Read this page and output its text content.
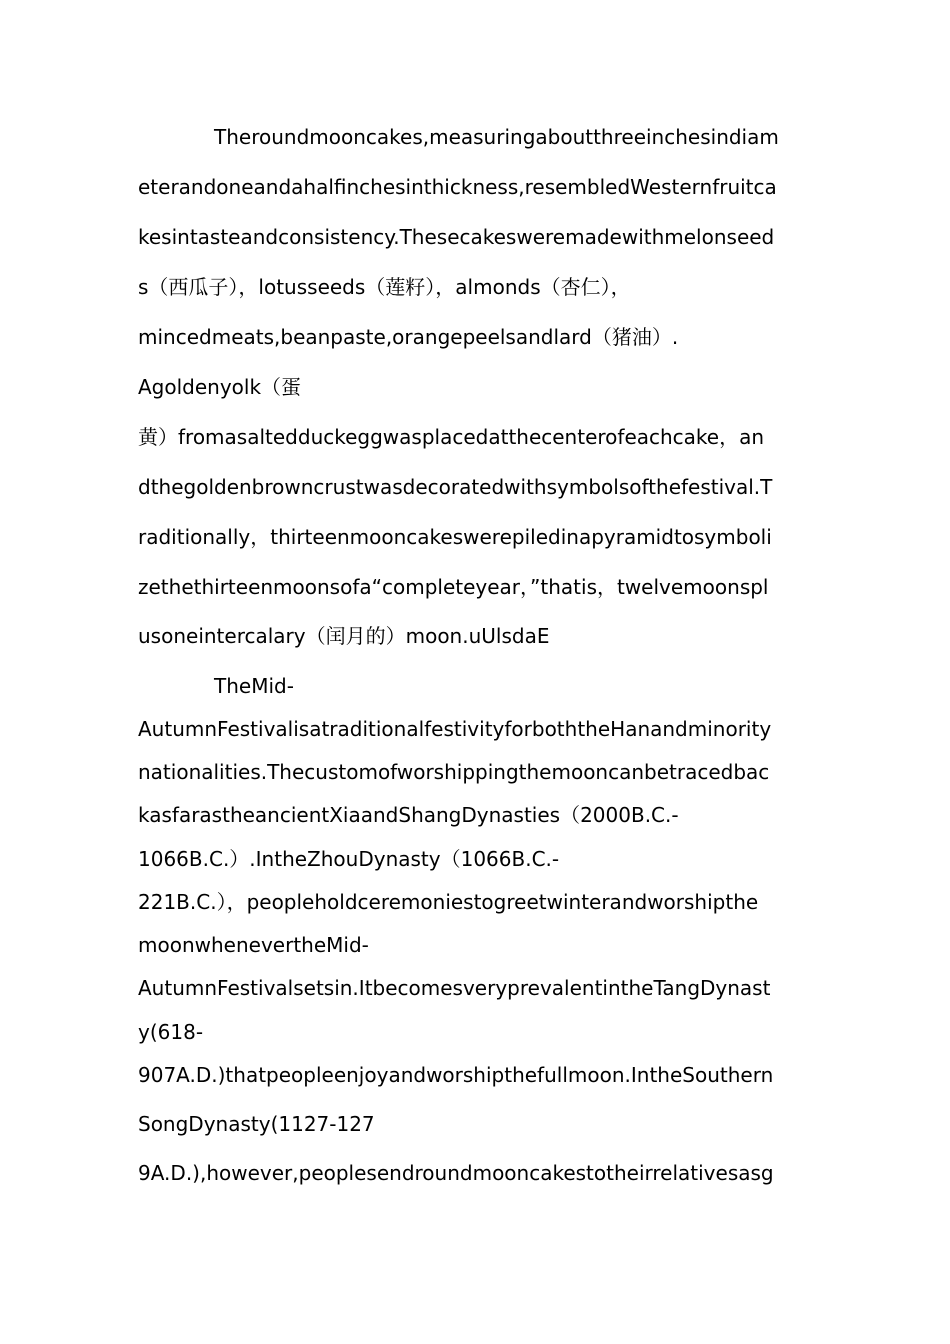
Theroundmooncakes,measuringaboutthreeinchesindiam
eterandoneandahalfinchesinthickness,resembledWesternfruitca
kesintasteandconsistency.Thesecakesweremadewithmelonseed
s（西瓜子），lotusseeds（莲籽），almonds（杏仁），
mincedmeats,beanpaste,orangepeelsandlard（猪油）.
Agoldenyolk（蛋
黄）fromasaltedduckeggwasplacedatthecenterofeachcake，an
dthegoldenbrowncrustwasdecoratedwithsymbolsofthefestival.T
raditionally，thirteenmooncakeswerepiledinapyramidtosymboli
zethethirteenmoonsofa“completeyear，”thatis，twelvemoonspl
usoneintercalary（闰月的）moon.uUlsdaE
TheMid-
AutumnFestivalisatraditionalfestivityforboththeHanandminority
nationalities.Thecustomofworshippingthemooncanbetracedbac
kasfarastheancientXiaandShangDynasties（2000B.C.-
1066B.C.）.IntheZhouDynasty（1066B.C.-
221B.C.），peopleholdceremoniestogreetwinterandworshipthe
moonwhenevertheMid-
AutumnFestivalsetsin.ItbecomesveryprevalentintheTangDynast
y(618-
907A.D.)thatpeopleenjoyandworshipthefullmoon.IntheSouthern
SongDynasty(1127-127
9A.D.),however,peoplesendroundmooncakestotheirrelativesasg
